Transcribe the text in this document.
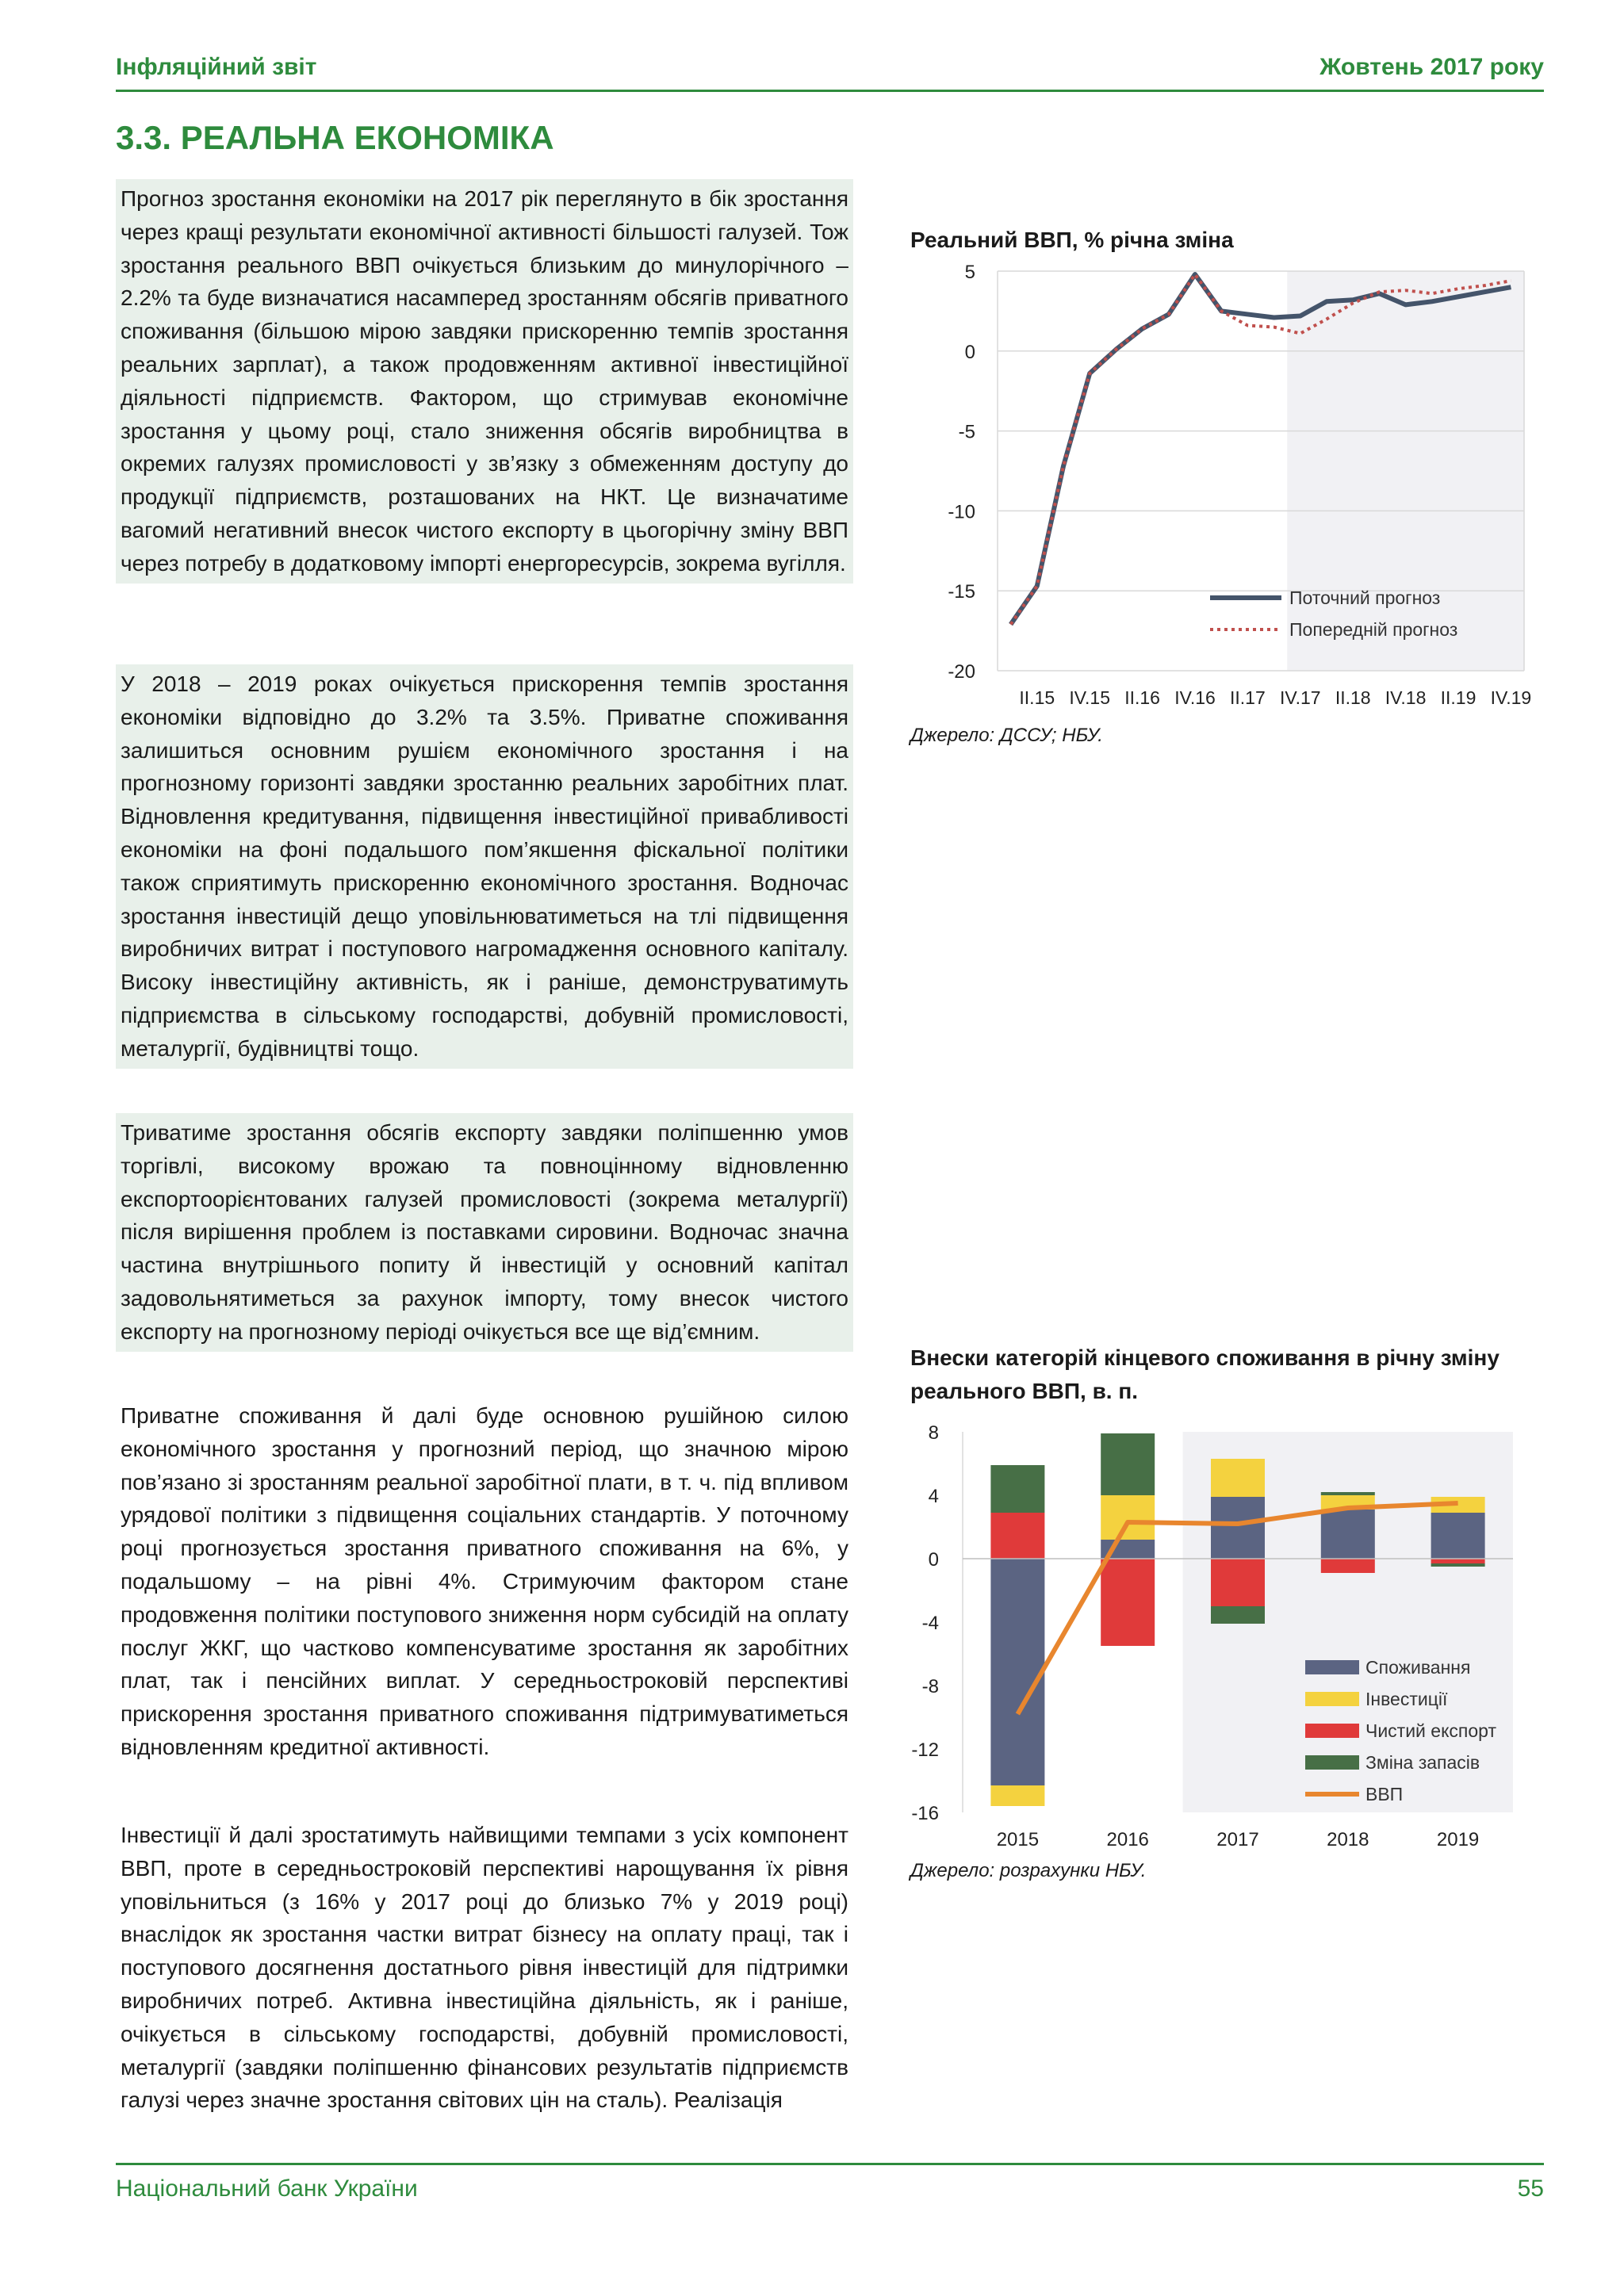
Інфляційний звіт	Жовтень 2017 року
3.3. РЕАЛЬНА ЕКОНОМІКА
Прогноз зростання економіки на 2017 рік переглянуто в бік зростання через кращі результати економічної активності більшості галузей. Тож зростання реального ВВП очікується близьким до минулорічного – 2.2% та буде визначатися насамперед зростанням обсягів приватного споживання (більшою мірою завдяки прискоренню темпів зростання реальних зарплат), а також продовженням активної інвестиційної діяльності підприємств. Фактором, що стримував економічне зростання у цьому році, стало зниження обсягів виробництва в окремих галузях промисловості у зв’язку з обмеженням доступу до продукції підприємств, розташованих на НКТ. Це визначатиме вагомий негативний внесок чистого експорту в цьогорічну зміну ВВП через потребу в додатковому імпорті енергоресурсів, зокрема вугілля.
У 2018 – 2019 роках очікується прискорення темпів зростання економіки відповідно до 3.2% та 3.5%. Приватне споживання залишиться основним рушієм економічного зростання і на прогнозному горизонті завдяки зростанню реальних заробітних плат. Відновлення кредитування, підвищення інвестиційної привабливості економіки на фоні подальшого пом’якшення фіскальної політики також сприятимуть прискоренню економічного зростання. Водночас зростання інвестицій дещо уповільнюватиметься на тлі підвищення виробничих витрат і поступового нагромадження основного капіталу. Високу інвестиційну активність, як і раніше, демонструватимуть підприємства в сільському господарстві, добувній промисловості, металургії, будівництві тощо.
Триватиме зростання обсягів експорту завдяки поліпшенню умов торгівлі, високому врожаю та повноцінному відновленню експортоорієнтованих галузей промисловості (зокрема металургії) після вирішення проблем із поставками сировини. Водночас значна частина внутрішнього попиту й інвестицій у основний капітал задовольнятиметься за рахунок імпорту, тому внесок чистого експорту на прогнозному періоді очікується все ще від’ємним.
Приватне споживання й далі буде основною рушійною силою економічного зростання у прогнозний період, що значною мірою пов’язано зі зростанням реальної заробітної плати, в т. ч. під впливом урядової політики з підвищення соціальних стандартів. У поточному році прогнозується зростання приватного споживання на 6%, у подальшому – на рівні 4%. Стримуючим фактором стане продовження політики поступового зниження норм субсидій на оплату послуг ЖКГ, що частково компенсуватиме зростання як заробітних плат, так і пенсійних виплат. У середньостроковій перспективі прискорення зростання приватного споживання підтримуватиметься відновленням кредитної активності.
Інвестиції й далі зростатимуть найвищими темпами з усіх компонент ВВП, проте в середньостроковій перспективі нарощування їх рівня уповільниться (з 16% у 2017 році до близько 7% у 2019 році) внаслідок як зростання частки витрат бізнесу на оплату праці, так і поступового досягнення достатнього рівня інвестицій для підтримки виробничих потреб. Активна інвестиційна діяльність, як і раніше, очікується в сільському господарстві, добувній промисловості, металургії (завдяки поліпшенню фінансових результатів підприємств галузі через значне зростання світових цін на сталь). Реалізація
Реальний ВВП, % річна зміна
5
0
-5
-10
-15
-20
II.15 IV.15 II.16 IV.16 II.17 IV.17 II.18 IV.18 II.19 IV.19
Поточний прогноз
Попередній прогноз
Джерело: ДССУ; НБУ.
Внески категорій кінцевого споживання в річну зміну
реального ВВП, в. п.
8
4
0
-4
-8
-12
-16
2015	2016	2017	2018	2019
Споживання
Інвестиції
Чистий експорт
Зміна запасів
ВВП
Джерело: розрахунки НБУ.
Національний банк України	55
